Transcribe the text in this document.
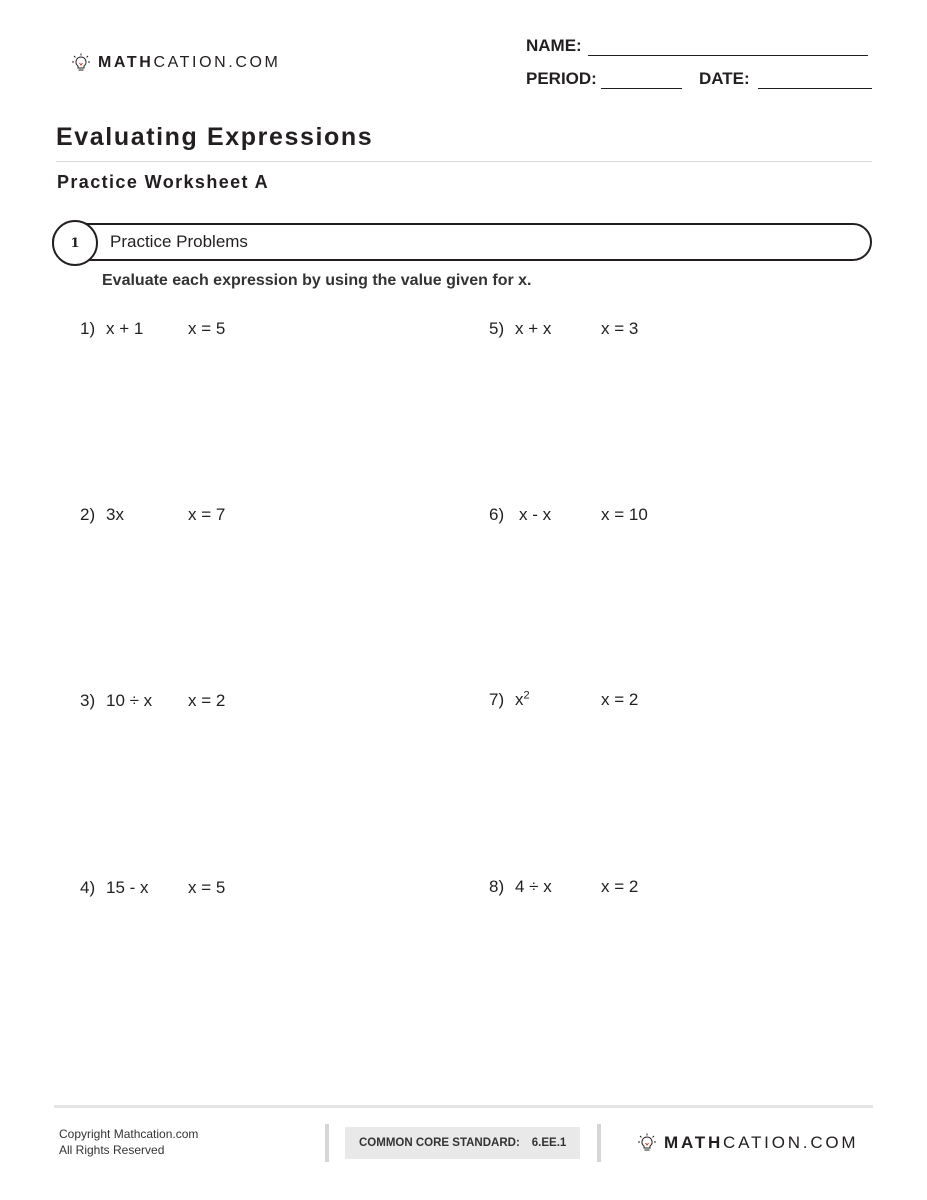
MATHCATION.COM
NAME:
PERIOD:	DATE:
Evaluating Expressions
Practice Worksheet A
Practice Problems
1
Evaluate each expression by using the value given for x.
1) x + 1	x = 5
2) 3x	x = 7
3) 10 ÷ x	x = 2
4) 15 - x	x = 5
5) x + x	x = 3
6) x - x	x = 10
7) $x^2$	x = 2
8) 4 ÷ x	x = 2
Copyright Mathcation.com
All Rights Reserved	COMMON CORE STANDARD: 6.EE.1	MATHCATION.COM
